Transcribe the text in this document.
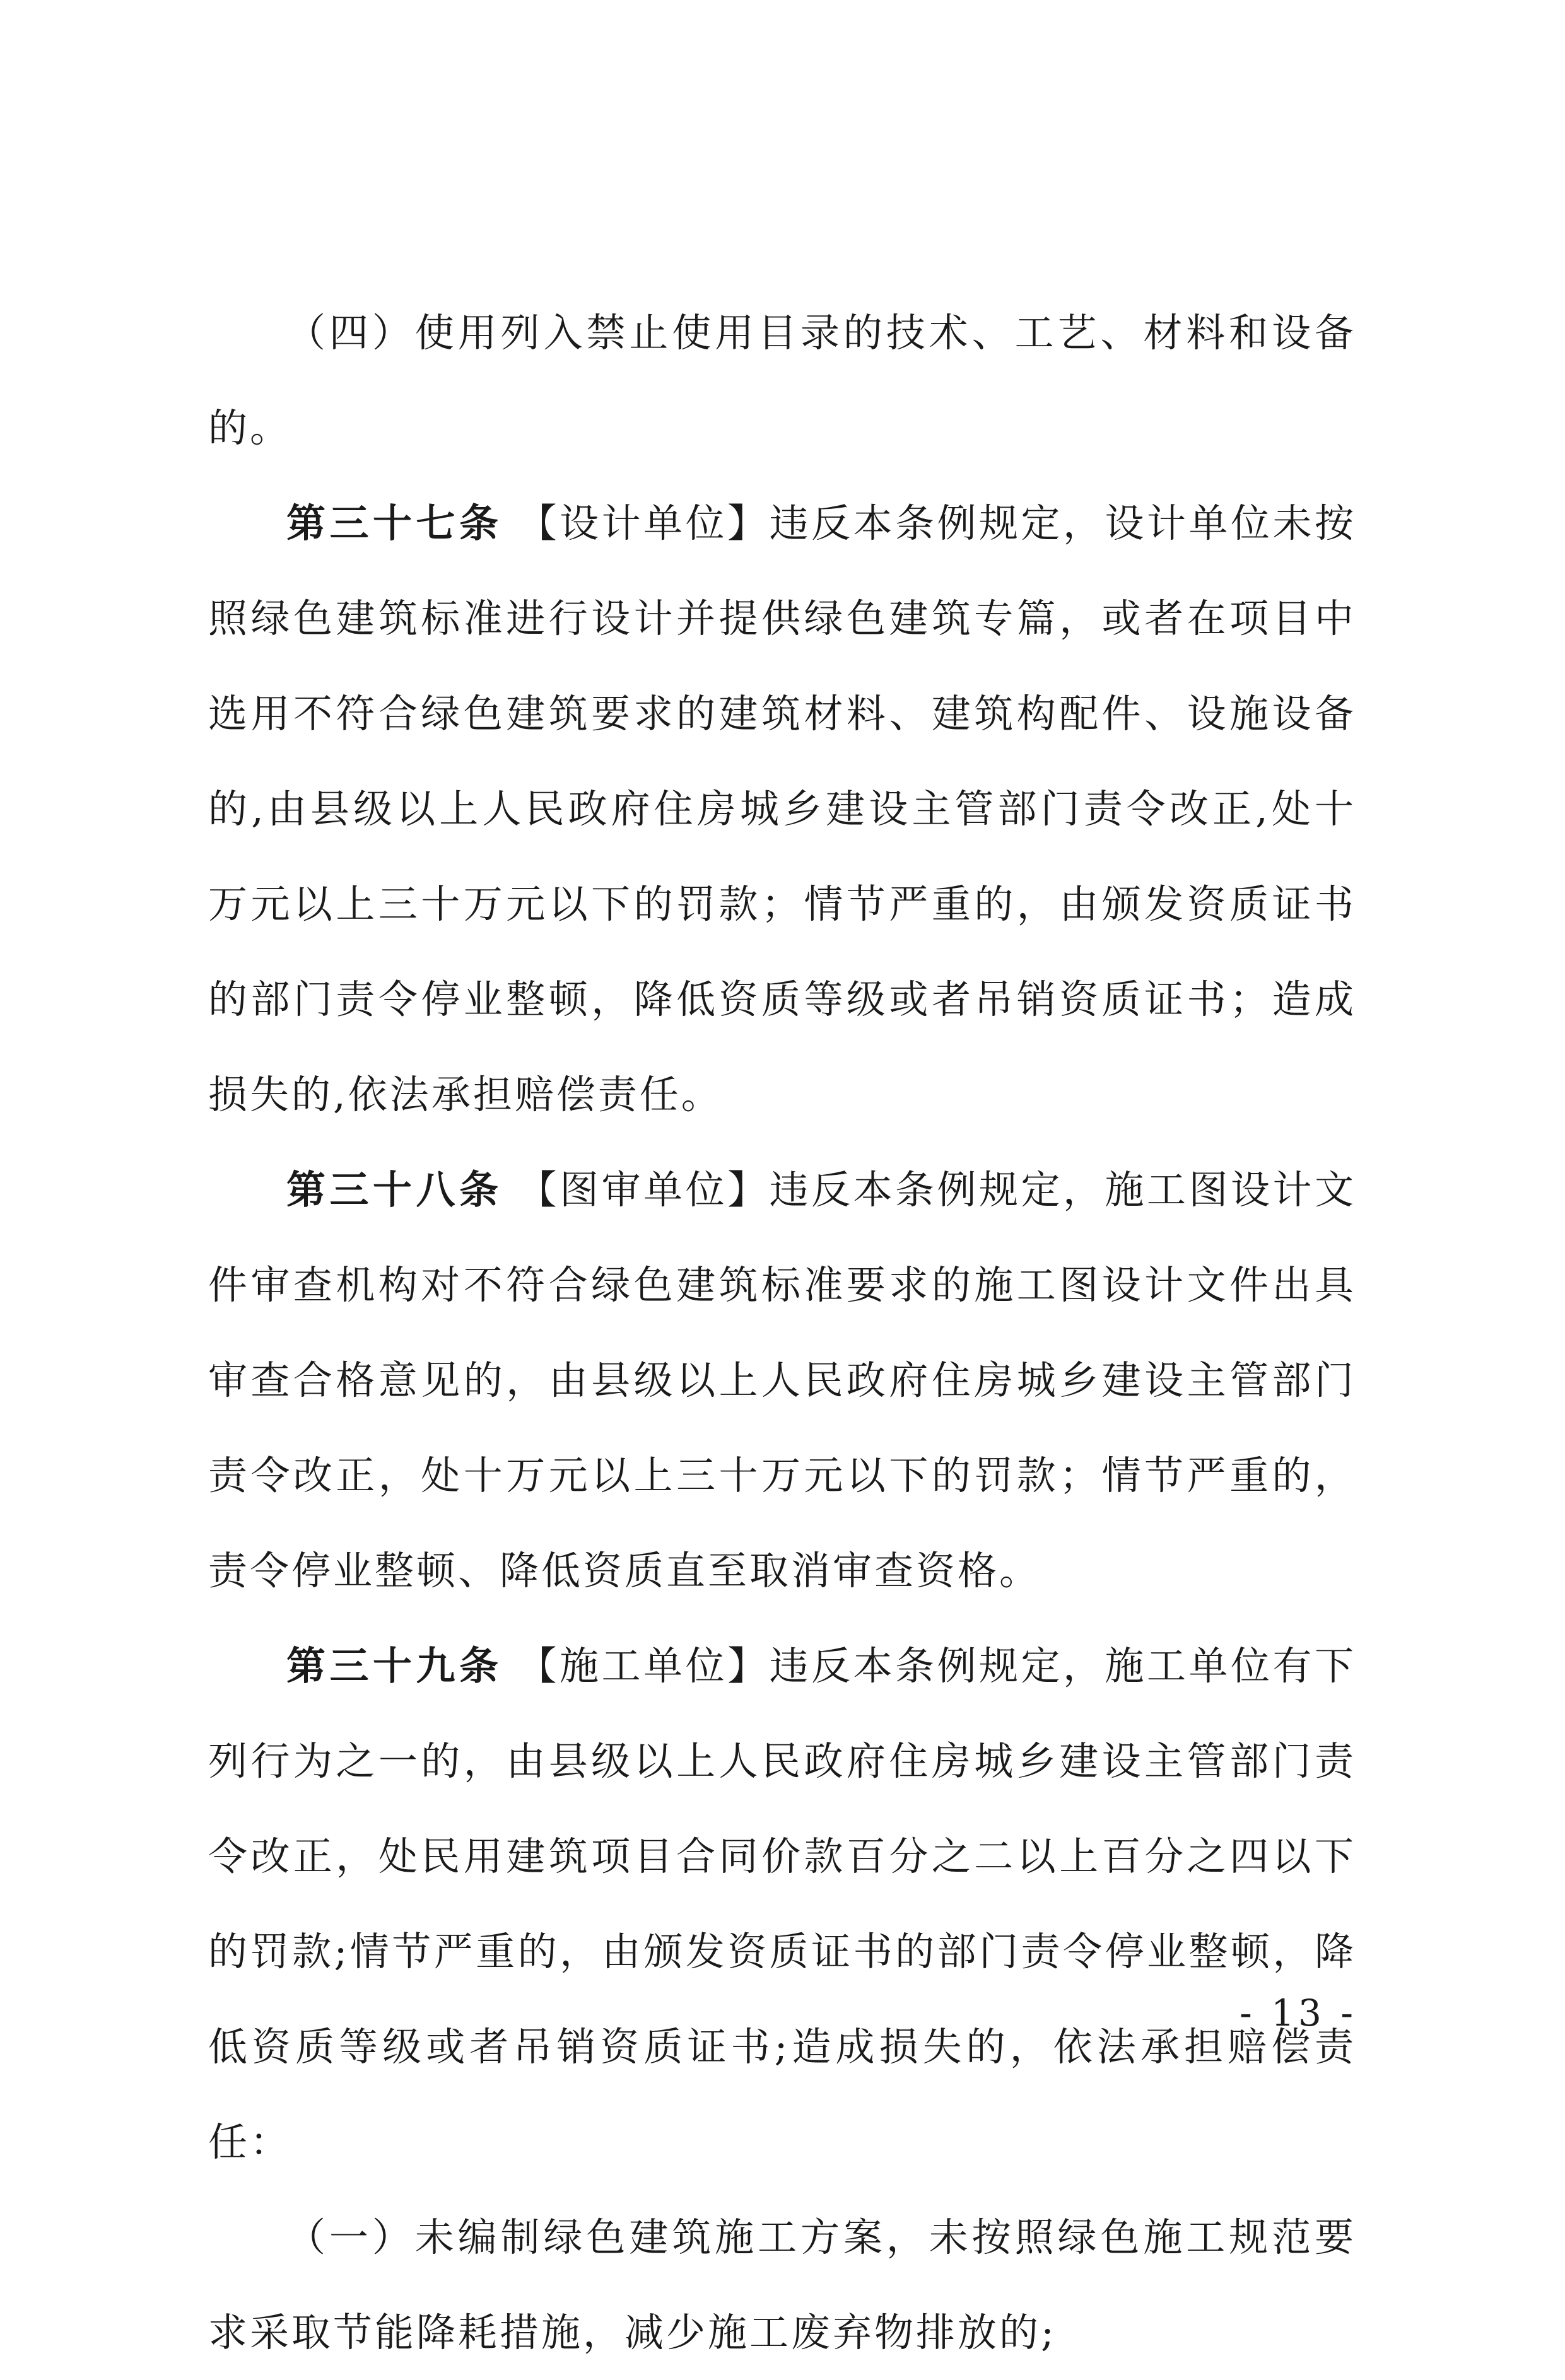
（四）使用列入禁止使用目录的技术、工艺、材料和设备的。

第三十七条 【设计单位】违反本条例规定，设计单位未按照绿色建筑标准进行设计并提供绿色建筑专篇，或者在项目中选用不符合绿色建筑要求的建筑材料、建筑构配件、设施设备的,由县级以上人民政府住房城乡建设主管部门责令改正,处十万元以上三十万元以下的罚款；情节严重的，由颁发资质证书的部门责令停业整顿，降低资质等级或者吊销资质证书；造成损失的,依法承担赔偿责任。

第三十八条 【图审单位】违反本条例规定，施工图设计文件审查机构对不符合绿色建筑标准要求的施工图设计文件出具审查合格意见的，由县级以上人民政府住房城乡建设主管部门责令改正，处十万元以上三十万元以下的罚款；情节严重的，责令停业整顿、降低资质直至取消审查资格。

第三十九条 【施工单位】违反本条例规定，施工单位有下列行为之一的，由县级以上人民政府住房城乡建设主管部门责令改正，处民用建筑项目合同价款百分之二以上百分之四以下的罚款;情节严重的，由颁发资质证书的部门责令停业整顿，降低资质等级或者吊销资质证书;造成损失的，依法承担赔偿责任：

（一）未编制绿色建筑施工方案，未按照绿色施工规范要求采取节能降耗措施，减少施工废弃物排放的;

- 13 -
